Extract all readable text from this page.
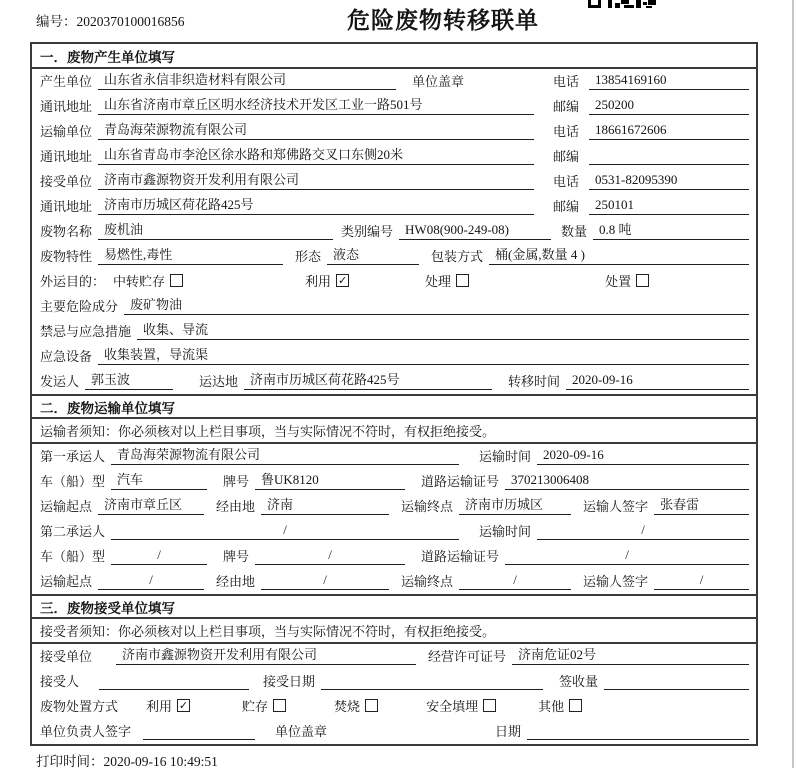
编号：2020370100016856	危险废物转移联单
一．废物产生单位填写
产生单位 山东省永信非织造材料有限公司	单位盖章	电话	13854169160
通讯地址 山东省济南市章丘区明水经济技术开发区工业一路501号	邮编	250200
运输单位 青岛海荣源物流有限公司	电话	18661672606
通讯地址 山东省青岛市李沧区徐水路和郑佛路交叉口东侧20米	邮编
接受单位 济南市鑫源物资开发利用有限公司	电话	0531-82095390
通讯地址 济南市历城区荷花路425号	邮编	250101
废物名称 废机油	类别编号 HW08(900-249-08)	数量 0.8 吨
废物特性 易燃性,毒性	形态 液态	包装方式 桶(金属,数量 4 )
外运目的： 中转贮存	利用 ✓	处理	处置
主要危险成分 废矿物油
禁忌与应急措施 收集、导流
应急设备 收集装置，导流渠
发运人 郭玉波	运达地 济南市历城区荷花路425号	转移时间 2020-09-16
二．废物运输单位填写
运输者须知：你必须核对以上栏目事项，当与实际情况不符时，有权拒绝接受。
第一承运人 青岛海荣源物流有限公司	运输时间 2020-09-16
车（船）型 汽车	牌号 鲁UK8120	道路运输证号 370213006408
运输起点 济南市章丘区	经由地 济南	运输终点 济南市历城区	运输人签字 张春雷
第二承运人	/	运输时间	/
车（船）型	/	牌号	/	道路运输证号	/
运输起点	/	经由地	/	运输终点	/	运输人签字	/
三．废物接受单位填写
接受者须知：你必须核对以上栏目事项，当与实际情况不符时，有权拒绝接受。
接受单位	济南市鑫源物资开发利用有限公司	经营许可证号 济南危证02号
接受人	接受日期	签收量
废物处置方式 利用 ✓	贮存	焚烧	安全填埋	其他
单位负责人签字	单位盖章	日期
打印时间：2020-09-16 10:49:51
